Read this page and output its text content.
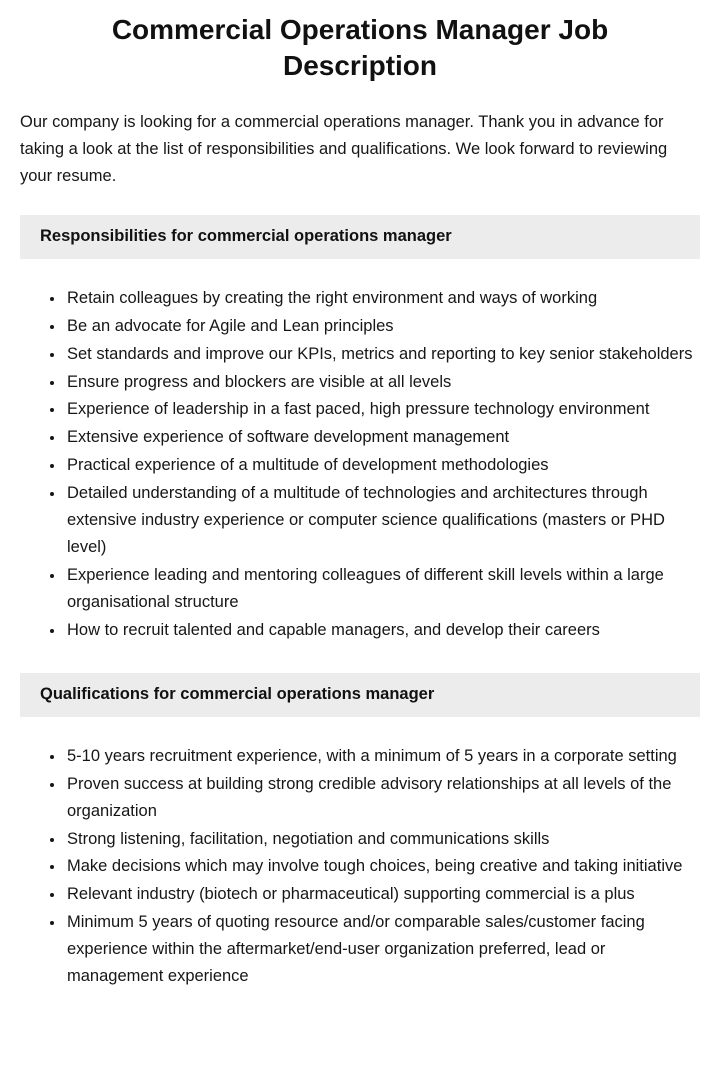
Commercial Operations Manager Job Description

Our company is looking for a commercial operations manager. Thank you in advance for taking a look at the list of responsibilities and qualifications. We look forward to reviewing your resume.

Responsibilities for commercial operations manager
• Retain colleagues by creating the right environment and ways of working
• Be an advocate for Agile and Lean principles
• Set standards and improve our KPIs, metrics and reporting to key senior stakeholders
• Ensure progress and blockers are visible at all levels
• Experience of leadership in a fast paced, high pressure technology environment
• Extensive experience of software development management
• Practical experience of a multitude of development methodologies
• Detailed understanding of a multitude of technologies and architectures through extensive industry experience or computer science qualifications (masters or PHD level)
• Experience leading and mentoring colleagues of different skill levels within a large organisational structure
• How to recruit talented and capable managers, and develop their careers
Qualifications for commercial operations manager
• 5-10 years recruitment experience, with a minimum of 5 years in a corporate setting
• Proven success at building strong credible advisory relationships at all levels of the organization
• Strong listening, facilitation, negotiation and communications skills
• Make decisions which may involve tough choices, being creative and taking initiative
• Relevant industry (biotech or pharmaceutical) supporting commercial is a plus
• Minimum 5 years of quoting resource and/or comparable sales/customer facing experience within the aftermarket/end-user organization preferred, lead or management experience
